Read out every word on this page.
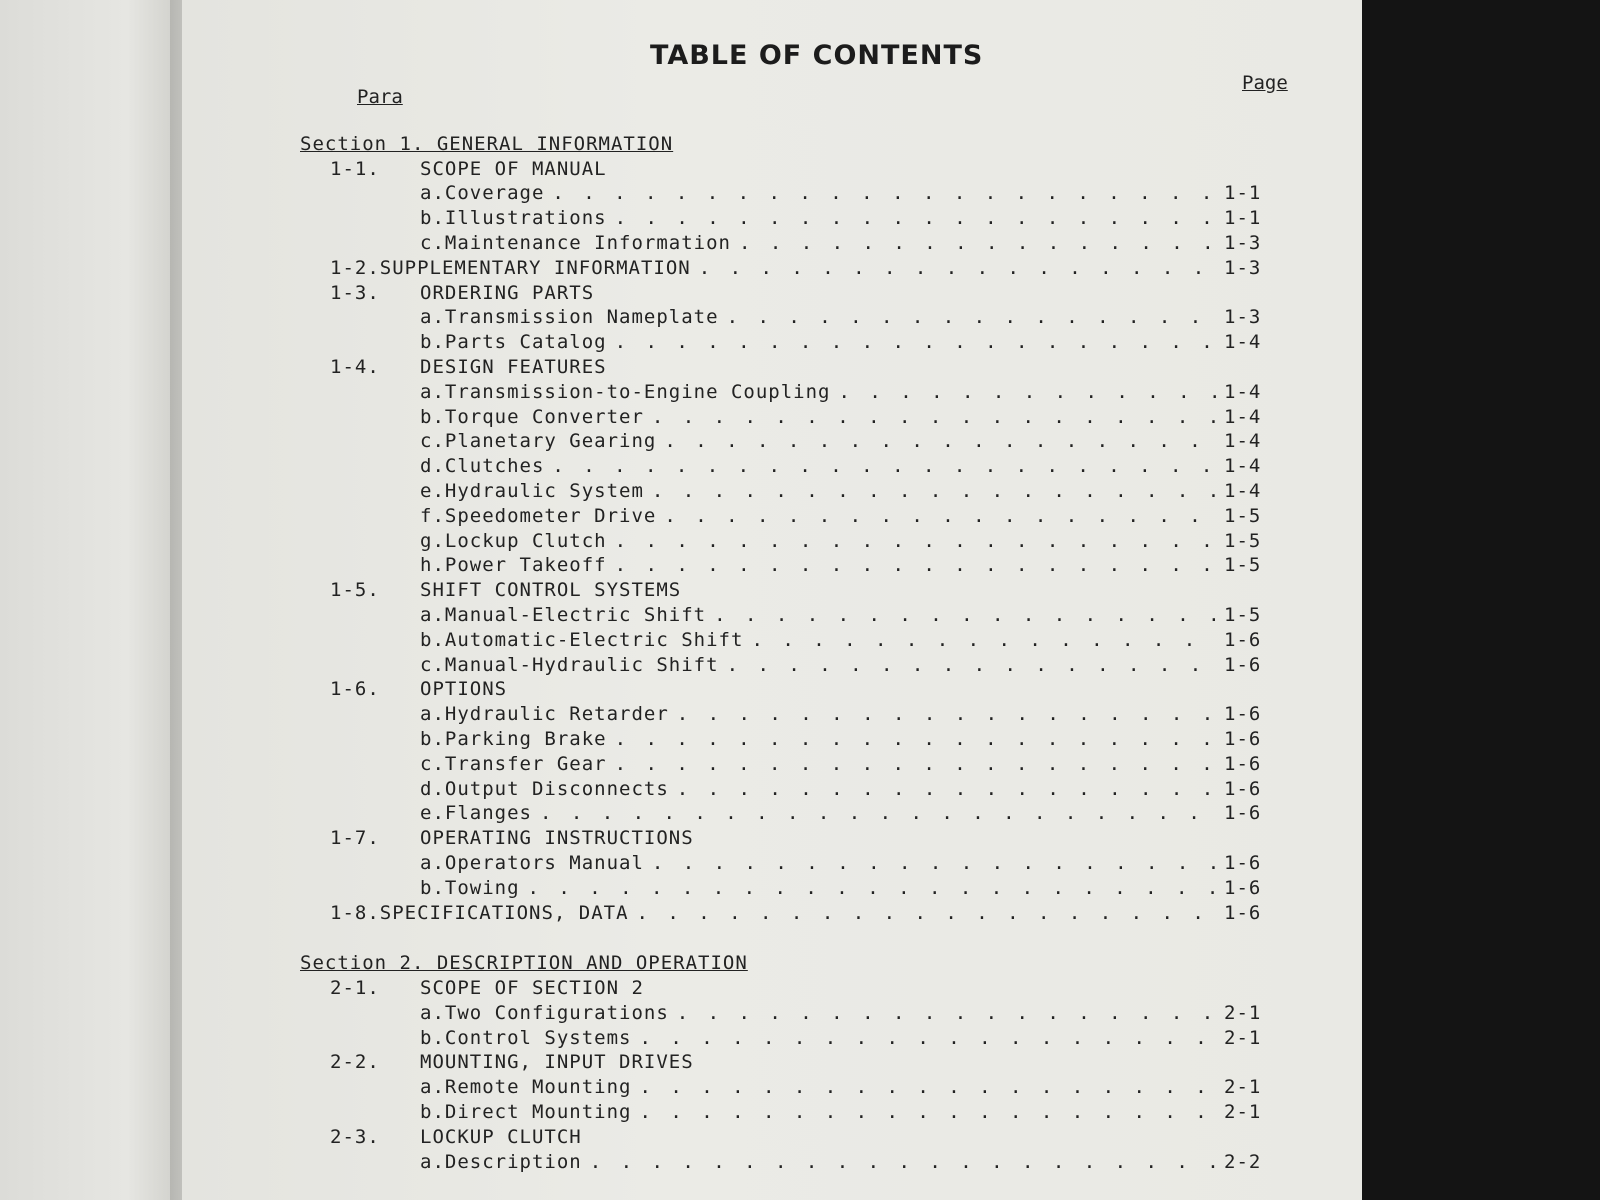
TABLE OF CONTENTS
Para
Page
Section 1. GENERAL INFORMATION
1-1.	SCOPE OF MANUAL
a. Coverage . . .	1-1
b. Illustrations . . .	1-1
c. Maintenance Information . . .	1-3
1-2. SUPPLEMENTARY INFORMATION . . .	1-3
1-3.	ORDERING PARTS
a. Transmission Nameplate . . .	1-3
b. Parts Catalog . . .	1-4
1-4.	DESIGN FEATURES
a. Transmission-to-Engine Coupling . . .	1-4
b. Torque Converter . . .	1-4
c. Planetary Gearing . . .	1-4
d. Clutches . . .	1-4
e. Hydraulic System . . .	1-4
f. Speedometer Drive . . .	1-5
g. Lockup Clutch . . .	1-5
h. Power Takeoff . . .	1-5
1-5.	SHIFT CONTROL SYSTEMS
a. Manual-Electric Shift . . .	1-5
b. Automatic-Electric Shift . . .	1-6
c. Manual-Hydraulic Shift . . .	1-6
1-6.	OPTIONS
a. Hydraulic Retarder . . .	1-6
b. Parking Brake . . .	1-6
c. Transfer Gear . . .	1-6
d. Output Disconnects . . .	1-6
e. Flanges . . .	1-6
1-7.	OPERATING INSTRUCTIONS
a. Operators Manual . . .	1-6
b. Towing . . .	1-6
1-8. SPECIFICATIONS, DATA . . .	1-6
Section 2. DESCRIPTION AND OPERATION
2-1.	SCOPE OF SECTION 2
a. Two Configurations . . .	2-1
b. Control Systems . . .	2-1
2-2.	MOUNTING, INPUT DRIVES
a. Remote Mounting . . .	2-1
b. Direct Mounting . . .	2-1
2-3.	LOCKUP CLUTCH
a. Description . . .	2-2
